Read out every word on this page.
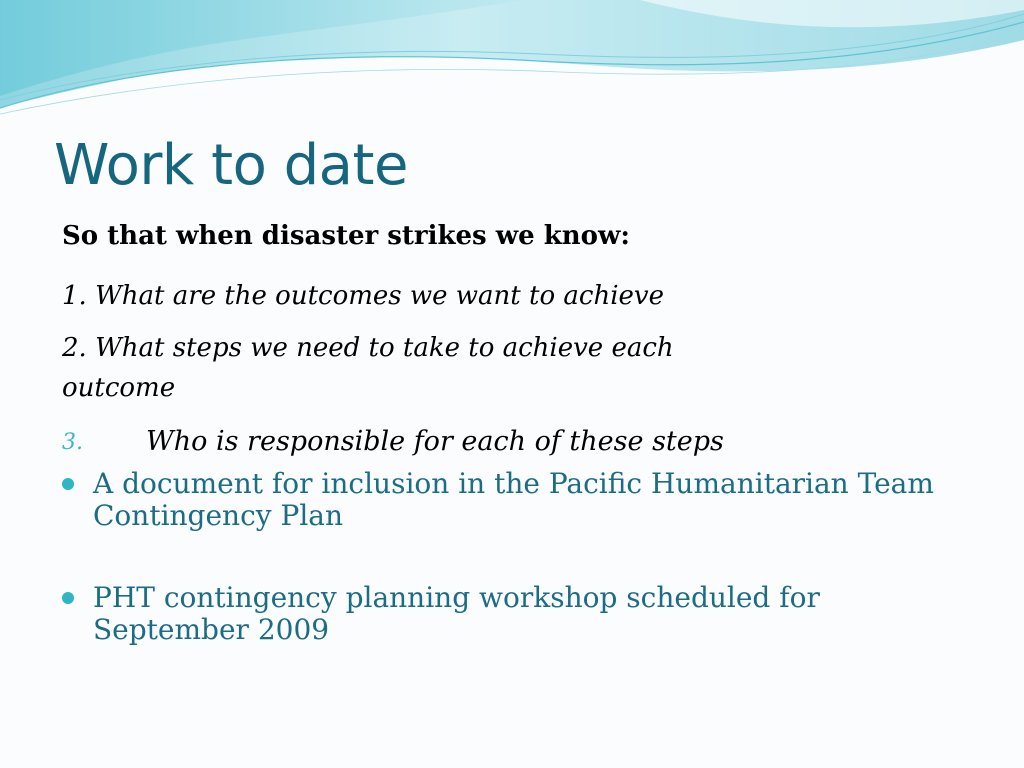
Work to date

So that when disaster strikes we know:

1. What are the outcomes we want to achieve

2. What steps we need to take to achieve each outcome

3. Who is responsible for each of these steps
A document for inclusion in the Pacific Humanitarian Team Contingency Plan
PHT contingency planning workshop scheduled for September 2009
